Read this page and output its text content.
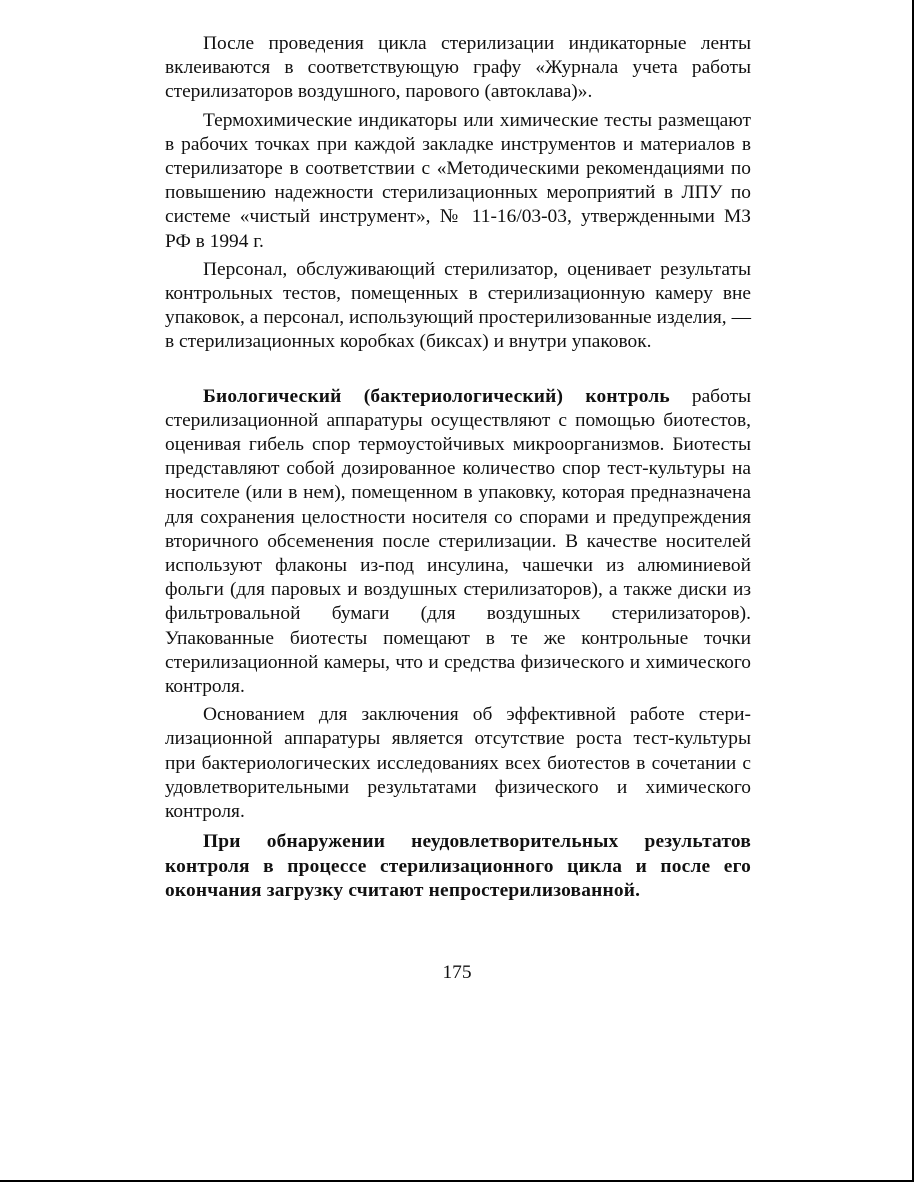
После проведения цикла стерилизации индикаторные ленты вклеиваются в соответствующую графу «Журнала учета работы стерилизаторов воздушного, парового (автоклава)».

Термохимические индикаторы или химические тесты размещают в рабочих точках при каждой закладке инструментов и материалов в стерилизаторе в соответствии с «Методическими рекомендациями по повышению надежности стерилизационных мероприятий в ЛПУ по системе «чистый инструмент», № 11-16/03-03, утвержденными МЗ РФ в 1994 г.

Персонал, обслуживающий стерилизатор, оценивает результаты контрольных тестов, помещенных в стерилизационную камеру вне упаковок, а персонал, использующий простерилизованные изделия, — в стерилизационных коробках (биксах) и внутри упаковок.

Биологический (бактериологический) контроль работы стерилизационной аппаратуры осуществляют с помощью биотестов, оценивая гибель спор термоустойчивых микроорганизмов. Биотесты представляют собой дозированное количество спор тест-культуры на носителе (или в нем), помещенном в упаковку, которая предназначена для сохранения целостности носителя со спорами и предупреждения вторичного обсеменения после стерилизации. В качестве носителей используют флаконы из-под инсулина, чашечки из алюминиевой фольги (для паровых и воздушных стерилизаторов), а также диски из фильтровальной бумаги (для воздушных стерилизаторов). Упакованные биотесты помещают в те же контрольные точки стерилизационной камеры, что и средства физического и химического контроля.

Основанием для заключения об эффективной работе стерилизационной аппаратуры является отсутствие роста тест-культуры при бактериологических исследованиях всех биотестов в сочетании с удовлетворительными результатами физического и химического контроля.

При обнаружении неудовлетворительных результатов контроля в процессе стерилизационного цикла и после его окончания загрузку считают непростерилизованной.

175
